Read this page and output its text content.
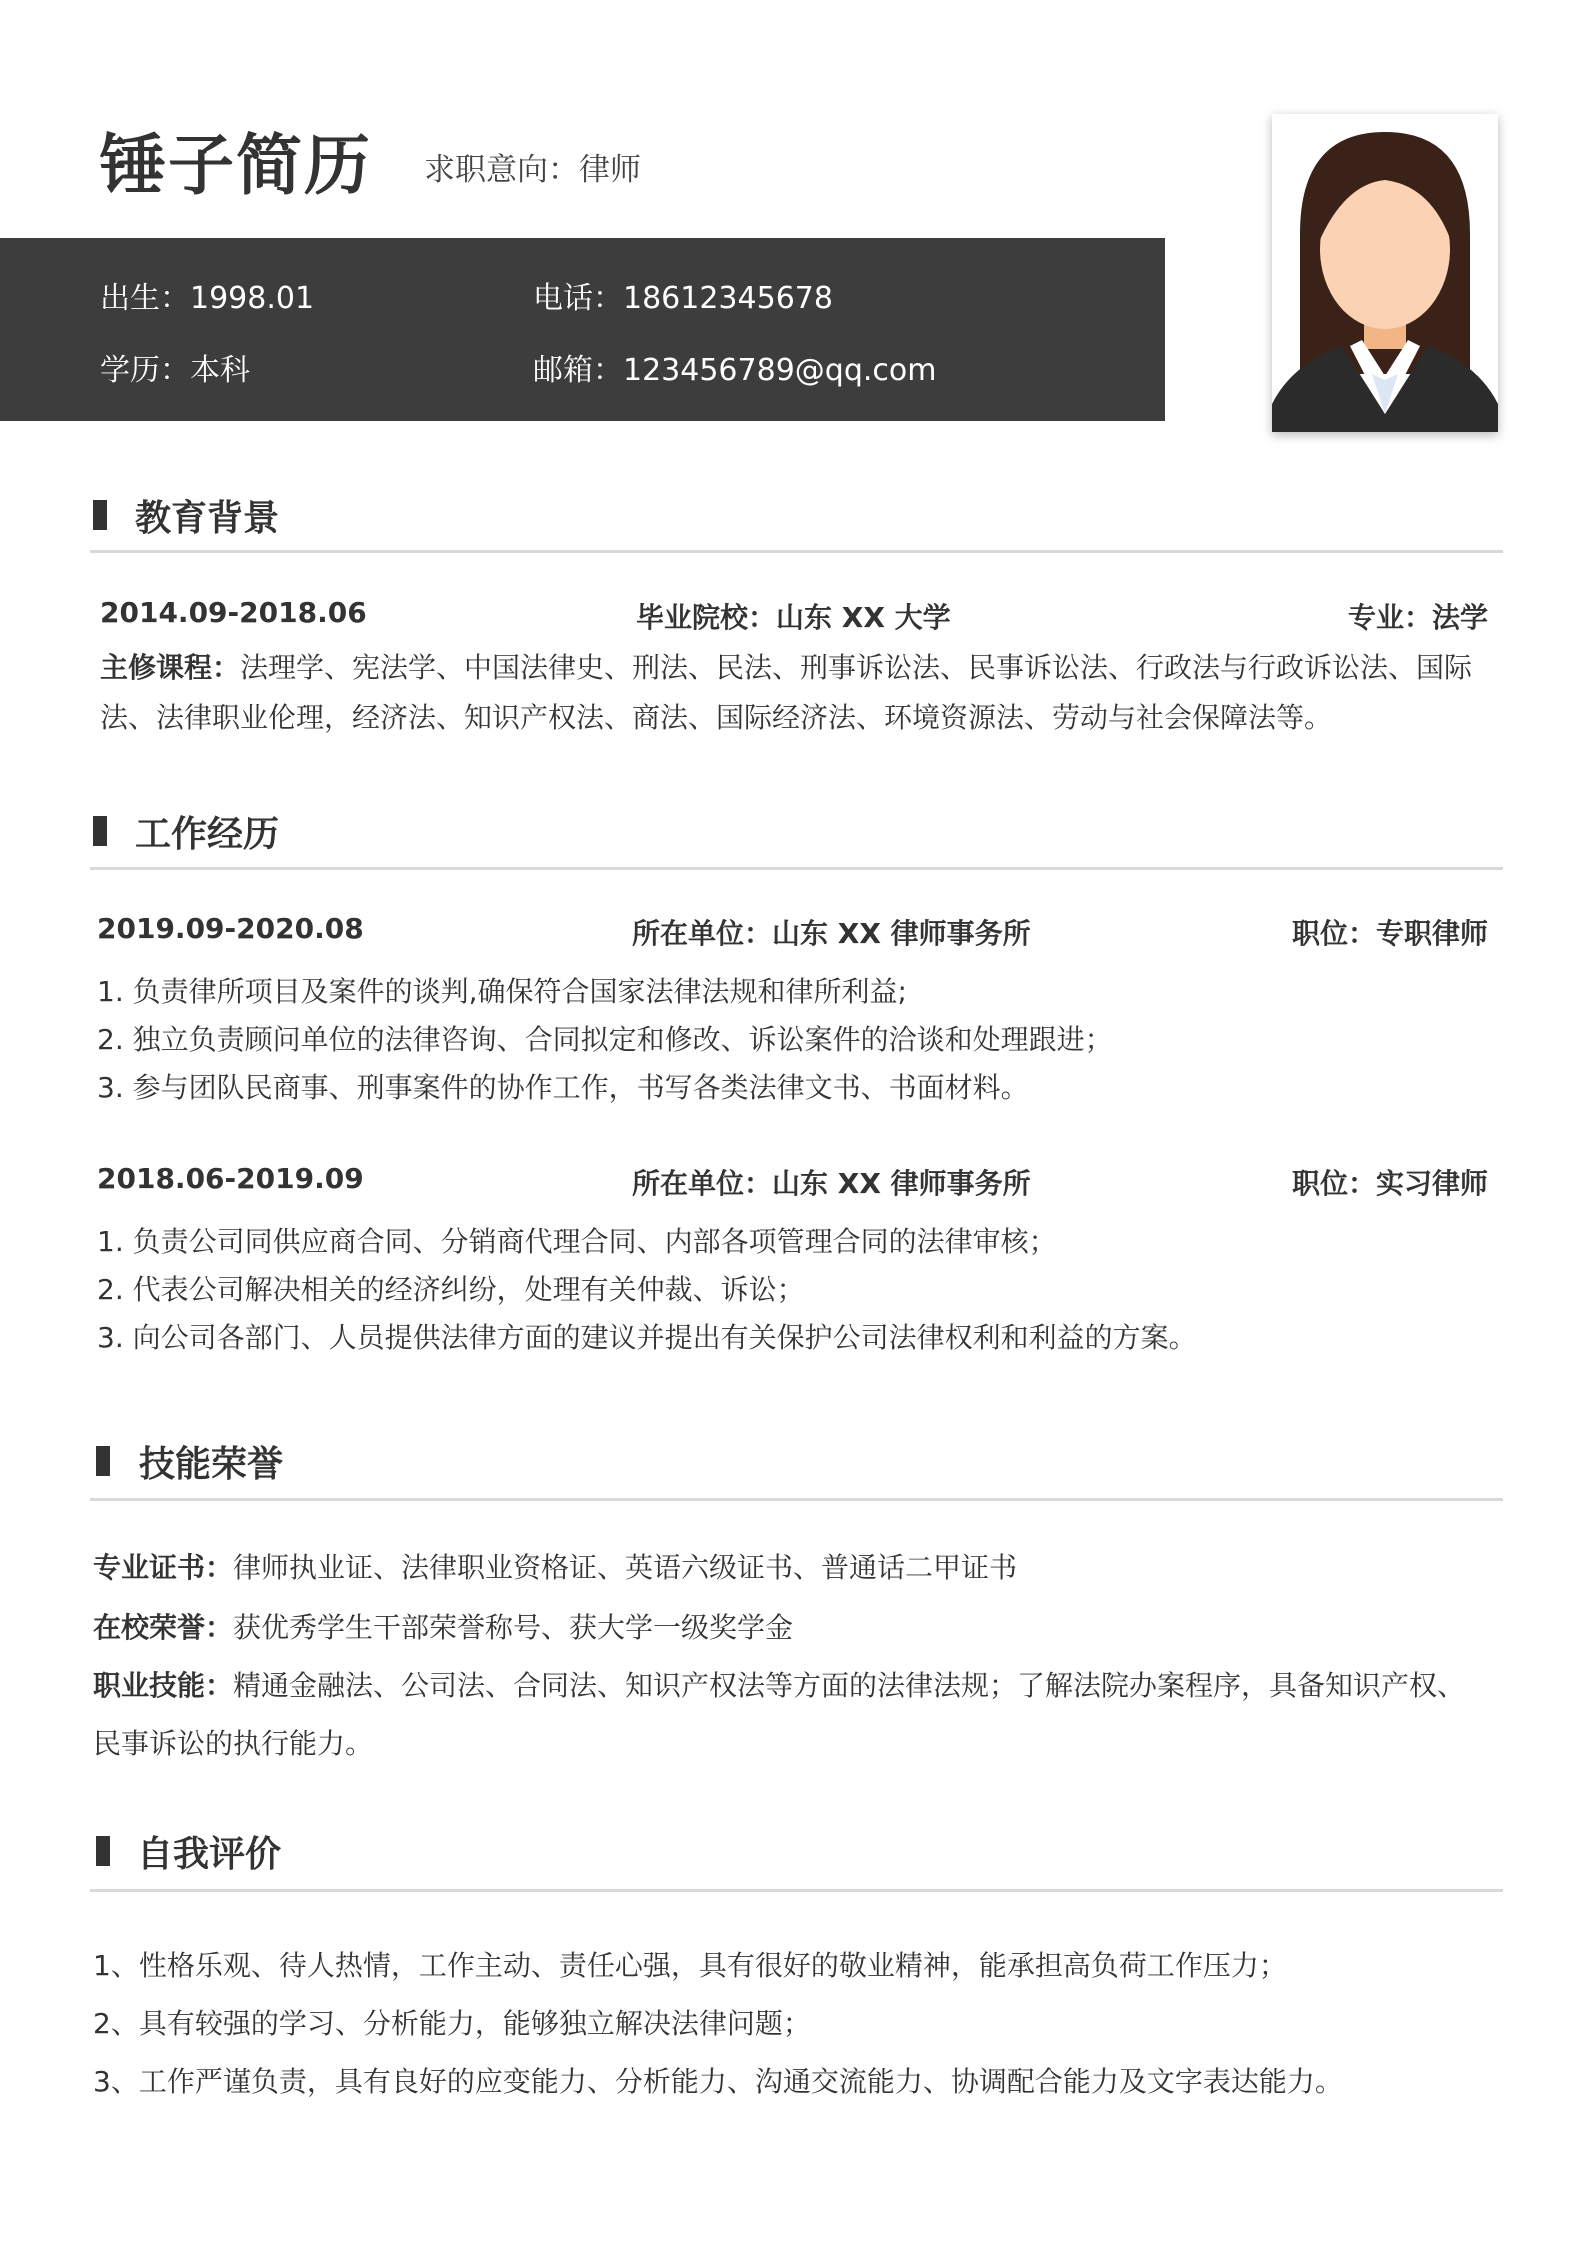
锤子简历 求职意向：律师
出生：1998.01	电话：18612345678
学历：本科	邮箱：123456789@qq.com
教育背景
2014.09-2018.06	毕业院校：山东 XX 大学	专业：法学
主修课程：法理学、宪法学、中国法律史、刑法、民法、刑事诉讼法、民事诉讼法、行政法与行政诉讼法、国际
法、法律职业伦理，经济法、知识产权法、商法、国际经济法、环境资源法、劳动与社会保障法等。
工作经历
2019.09-2020.08	所在单位：山东 XX 律师事务所	职位：专职律师
1. 负责律所项目及案件的谈判,确保符合国家法律法规和律所利益;
2. 独立负责顾问单位的法律咨询、合同拟定和修改、诉讼案件的洽谈和处理跟进；
3. 参与团队民商事、刑事案件的协作工作，书写各类法律文书、书面材料。
2018.06-2019.09	所在单位：山东 XX 律师事务所	职位：实习律师
1. 负责公司同供应商合同、分销商代理合同、内部各项管理合同的法律审核；
2. 代表公司解决相关的经济纠纷，处理有关仲裁、诉讼；
3. 向公司各部门、人员提供法律方面的建议并提出有关保护公司法律权利和利益的方案。
技能荣誉
专业证书：律师执业证、法律职业资格证、英语六级证书、普通话二甲证书
在校荣誉：获优秀学生干部荣誉称号、获大学一级奖学金
职业技能：精通金融法、公司法、合同法、知识产权法等方面的法律法规；了解法院办案程序，具备知识产权、
民事诉讼的执行能力。
自我评价
1、性格乐观、待人热情，工作主动、责任心强，具有很好的敬业精神，能承担高负荷工作压力；
2、具有较强的学习、分析能力，能够独立解决法律问题；
3、工作严谨负责，具有良好的应变能力、分析能力、沟通交流能力、协调配合能力及文字表达能力。
